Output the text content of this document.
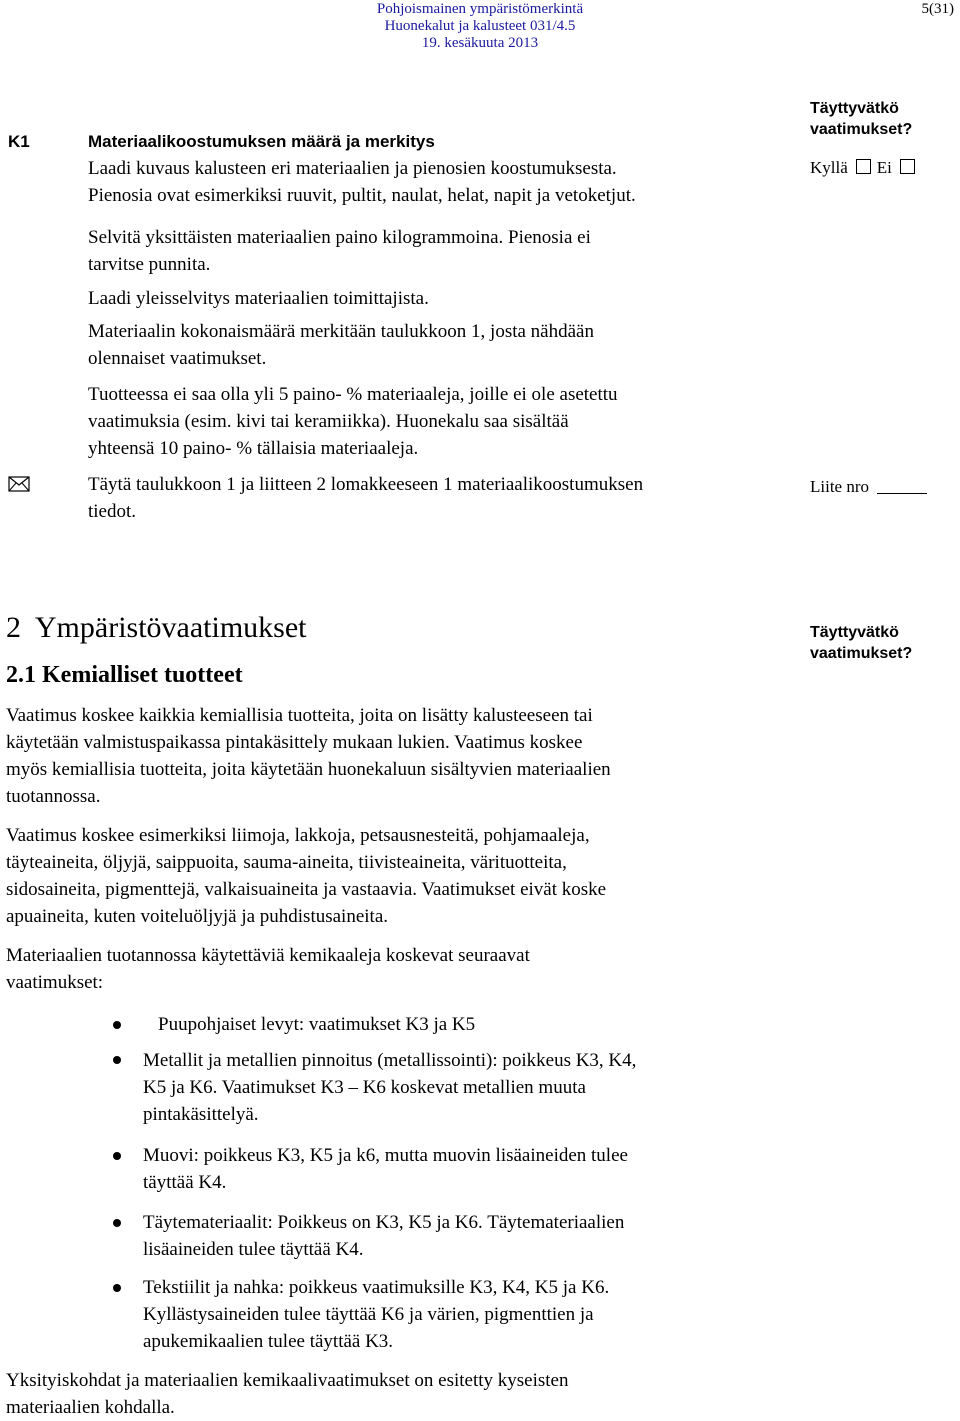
Pohjoismainen ympäristömerkintä
Huonekalut ja kalusteet 031/4.5
19. kesäkuuta 2013
5(31)
K1	Materiaalikoostumuksen määrä ja merkitys
Laadi kuvaus kalusteen eri materiaalien ja pienosien koostumuksesta.
Pienosia ovat esimerkiksi ruuvit, pultit, naulat, helat, napit ja vetoketjut.
Selvitä yksittäisten materiaalien paino kilogrammoina. Pienosia ei
tarvitse punnita.
Laadi yleisselvitys materiaalien toimittajista.
Materiaalin kokonaismäärä merkitään taulukkoon 1, josta nähdään
olennaiset vaatimukset.
Tuotteessa ei saa olla yli 5 paino- % materiaaleja, joille ei ole asetettu
vaatimuksia (esim. kivi tai keramiikka). Huonekalu saa sisältää
yhteensä 10 paino- % tällaisia materiaaleja.
Täytä taulukkoon 1 ja liitteen 2 lomakkeeseen 1 materiaalikoostumuksen
tiedot.
Täyttyvätkö
vaatimukset?
Kyllä Ei
Liite nro
2  Ympäristövaatimukset
2.1 Kemialliset tuotteet
Täyttyvätkö
vaatimukset?
Vaatimus koskee kaikkia kemiallisia tuotteita, joita on lisätty kalusteeseen tai
käytetään valmistuspaikassa pintakäsittely mukaan lukien. Vaatimus koskee
myös kemiallisia tuotteita, joita käytetään huonekaluun sisältyvien materiaalien
tuotannossa.
Vaatimus koskee esimerkiksi liimoja, lakkoja, petsausnesteitä, pohjamaaleja,
täyteaineita, öljyjä, saippuoita, sauma-aineita, tiivisteaineita, värituotteita,
sidosaineita, pigmenttejä, valkaisuaineita ja vastaavia. Vaatimukset eivät koske
apuaineita, kuten voiteluöljyjä ja puhdistusaineita.
Materiaalien tuotannossa käytettäviä kemikaaleja koskevat seuraavat
vaatimukset:
Puupohjaiset levyt: vaatimukset K3 ja K5
Metallit ja metallien pinnoitus (metallissointi): poikkeus K3, K4,
K5 ja K6. Vaatimukset K3 – K6 koskevat metallien muuta
pintakäsittelyä.
Muovi: poikkeus K3, K5 ja k6, mutta muovin lisäaineiden tulee
täyttää K4.
Täytemateriaalit: Poikkeus on K3, K5 ja K6. Täytemateriaalien
lisäaineiden tulee täyttää K4.
Tekstiilit ja nahka: poikkeus vaatimuksille K3, K4, K5 ja K6.
Kyllästysaineiden tulee täyttää K6 ja värien, pigmenttien ja
apukemikaalien tulee täyttää K3.
Yksityiskohdat ja materiaalien kemikaalivaatimukset on esitetty kyseisten
materiaalien kohdalla.
